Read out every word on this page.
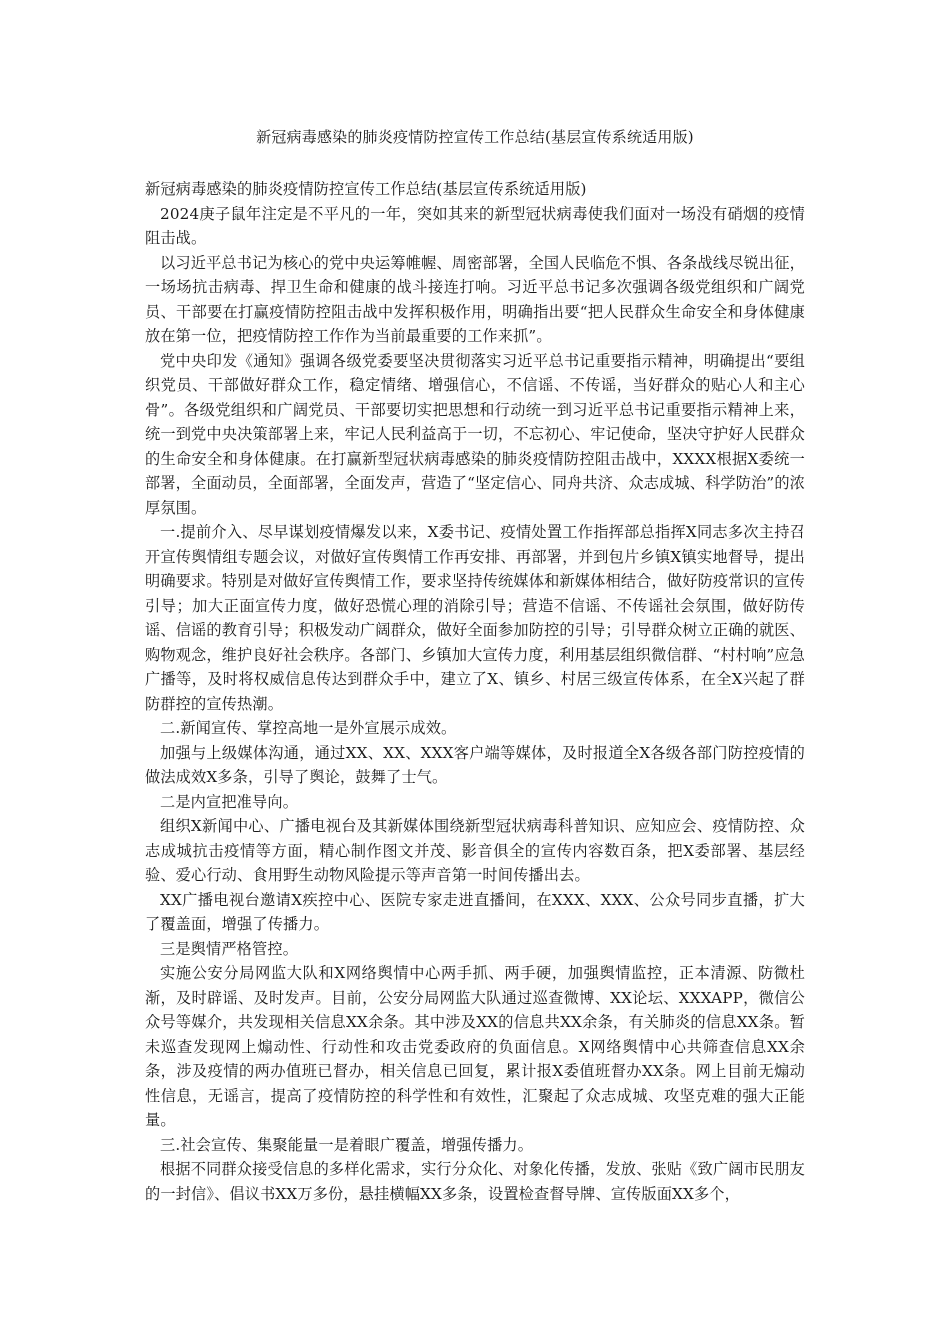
新冠病毒感染的肺炎疫情防控宣传工作总结(基层宣传系统适用版)

新冠病毒感染的肺炎疫情防控宣传工作总结(基层宣传系统适用版)

2024庚子鼠年注定是不平凡的一年，突如其来的新型冠状病毒使我们面对一场没有硝烟的疫情阻击战。

以习近平总书记为核心的党中央运筹帷幄、周密部署，全国人民临危不惧、各条战线尽锐出征，一场场抗击病毒、捍卫生命和健康的战斗接连打响。习近平总书记多次强调各级党组织和广阔党员、干部要在打赢疫情防控阻击战中发挥积极作用，明确指出要“把人民群众生命安全和身体健康放在第一位，把疫情防控工作作为当前最重要的工作来抓”。

党中央印发《通知》强调各级党委要坚决贯彻落实习近平总书记重要指示精神，明确提出“要组织党员、干部做好群众工作，稳定情绪、增强信心，不信谣、不传谣，当好群众的贴心人和主心骨”。各级党组织和广阔党员、干部要切实把思想和行动统一到习近平总书记重要指示精神上来，统一到党中央决策部署上来，牢记人民利益高于一切，不忘初心、牢记使命，坚决守护好人民群众的生命安全和身体健康。在打赢新型冠状病毒感染的肺炎疫情防控阻击战中，XXXX根据X委统一部署，全面动员，全面部署，全面发声，营造了“坚定信心、同舟共济、众志成城、科学防治”的浓厚氛围。

一.提前介入、尽早谋划疫情爆发以来，X委书记、疫情处置工作指挥部总指挥X同志多次主持召开宣传舆情组专题会议，对做好宣传舆情工作再安排、再部署，并到包片乡镇X镇实地督导，提出明确要求。特别是对做好宣传舆情工作，要求坚持传统媒体和新媒体相结合，做好防疫常识的宣传引导；加大正面宣传力度，做好恐慌心理的消除引导；营造不信谣、不传谣社会氛围，做好防传谣、信谣的教育引导；积极发动广阔群众，做好全面参加防控的引导；引导群众树立正确的就医、购物观念，维护良好社会秩序。各部门、乡镇加大宣传力度，利用基层组织微信群、“村村响”应急广播等，及时将权威信息传达到群众手中，建立了X、镇乡、村居三级宣传体系，在全X兴起了群防群控的宣传热潮。

二.新闻宣传、掌控高地一是外宣展示成效。

加强与上级媒体沟通，通过XX、XX、XXX客户端等媒体，及时报道全X各级各部门防控疫情的做法成效X多条，引导了舆论，鼓舞了士气。

二是内宣把准导向。

组织X新闻中心、广播电视台及其新媒体围绕新型冠状病毒科普知识、应知应会、疫情防控、众志成城抗击疫情等方面，精心制作图文并茂、影音俱全的宣传内容数百条，把X委部署、基层经验、爱心行动、食用野生动物风险提示等声音第一时间传播出去。

XX广播电视台邀请X疾控中心、医院专家走进直播间，在XXX、XXX、公众号同步直播，扩大了覆盖面，增强了传播力。

三是舆情严格管控。

实施公安分局网监大队和X网络舆情中心两手抓、两手硬，加强舆情监控，正本清源、防微杜渐，及时辟谣、及时发声。目前，公安分局网监大队通过巡查微博、XX论坛、XXXAPP，微信公众号等媒介，共发现相关信息XX余条。其中涉及XX的信息共XX余条，有关肺炎的信息XX条。暂未巡查发现网上煽动性、行动性和攻击党委政府的负面信息。X网络舆情中心共筛查信息XX余条，涉及疫情的两办值班已督办，相关信息已回复，累计报X委值班督办XX条。网上目前无煽动性信息，无谣言，提高了疫情防控的科学性和有效性，汇聚起了众志成城、攻坚克难的强大正能量。

三.社会宣传、集聚能量一是着眼广覆盖，增强传播力。

根据不同群众接受信息的多样化需求，实行分众化、对象化传播，发放、张贴《致广阔市民朋友的一封信》、倡议书XX万多份，悬挂横幅XX多条，设置检查督导牌、宣传版面XX多个，
